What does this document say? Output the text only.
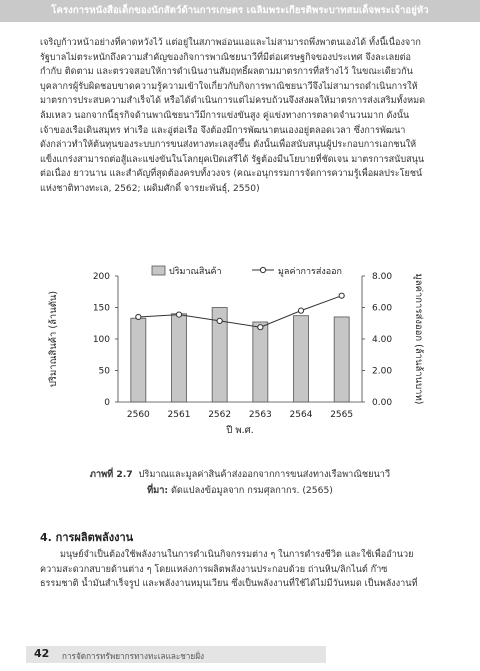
โครงการหนังสือเด็กของนักสัตว์ด้านการเกษตร เฉลิมพระเกียรติพระบาทสมเด็จพระเจ้าอยู่หัว
เจริญก้าวหน้าอย่างที่คาดหวังไว้ แต่อยู่ในสภาพอ่อนแอและไม่สามารถพึ่งพาตนเองได้ ทั้งนี้เนื่องจาก
รัฐบาลไม่ตระหนักถึงความสำคัญของกิจการพาณิชยนาวีที่มีต่อเศรษฐกิจของประเทศ จึงละเลยต่อ
กำกับ ติดตาม และตรวจสอบให้การดำเนินงานสัมฤทธิ์ผลตามมาตรการที่สร้างไว้ ในขณะเดียวกัน
บุคลากรผู้รับผิดชอบขาดความรู้ความเข้าใจเกี่ยวกับกิจการพาณิชยนาวีจึงไม่สามารถดำเนินการให้
มาตรการประสบความสำเร็จได้ หรือได้ดำเนินการแต่ไม่ครบถ้วนจึงส่งผลให้มาตรการส่งเสริมทั้งหมด
ล้มเหลว นอกจากนี้ธุรกิจด้านพาณิชยนาวีมีการแข่งขันสูง คู่แข่งทางการตลาดจำนวนมาก ดังนั้น
เจ้าของเรือเดินสมุทร ท่าเรือ และอู่ต่อเรือ จึงต้องมีการพัฒนาตนเองอยู่ตลอดเวลา ซึ่งการพัฒนา
ดังกล่าวทำให้ต้นทุนของระบบการขนส่งทางทะเลสูงขึ้น ดังนั้นเพื่อสนับสนุนผู้ประกอบการเอกชนให้
แข็งแกร่งสามารถต่อสู้และแข่งขันในโลกยุคเปิดเสรีได้ รัฐต้องมีนโยบายที่ชัดเจน มาตรการสนับสนุน
ต่อเนื่อง ยาวนาน และสำคัญที่สุดต้องครบทั้งวงจร (คณะอนุกรรมการจัดการความรู้เพื่อผลประโยชน์
แห่งชาติทางทะเล, 2562; เผดิมศักดิ์ จารยะพันธุ์, 2550)
0
50
100
150
200
0.00
2.00
4.00
6.00
8.00
2560 2561 2562 2563 2564 2565
ปี พ.ศ.
ปริมาณสินค้า (ล้านตัน)	มูลค่าการส่งออก (ล้านล้านบาท)
ปริมาณสินค้า	มูลค่าการส่งออก
ภาพที่ 2.7 ปริมาณและมูลค่าสินค้าส่งออกจากการขนส่งทางเรือพาณิชยนาวี
ที่มา: ดัดแปลงข้อมูลจาก กรมศุลกากร. (2565)
4. การผลิตพลังงาน
มนุษย์จำเป็นต้องใช้พลังงานในการดำเนินกิจกรรมต่าง ๆ ในการดำรงชีวิต และใช้เพื่ออำนวย
ความสะดวกสบายด้านต่าง ๆ โดยแหล่งการผลิตพลังงานประกอบด้วย ถ่านหิน/ลิกไนต์ ก๊าซ
ธรรมชาติ น้ำมันสำเร็จรูป และพลังงานหมุนเวียน ซึ่งเป็นพลังงานที่ใช้ได้ไม่มีวันหมด เป็นพลังงานที่
42 การจัดการทรัพยากรทางทะเลและชายฝั่ง
